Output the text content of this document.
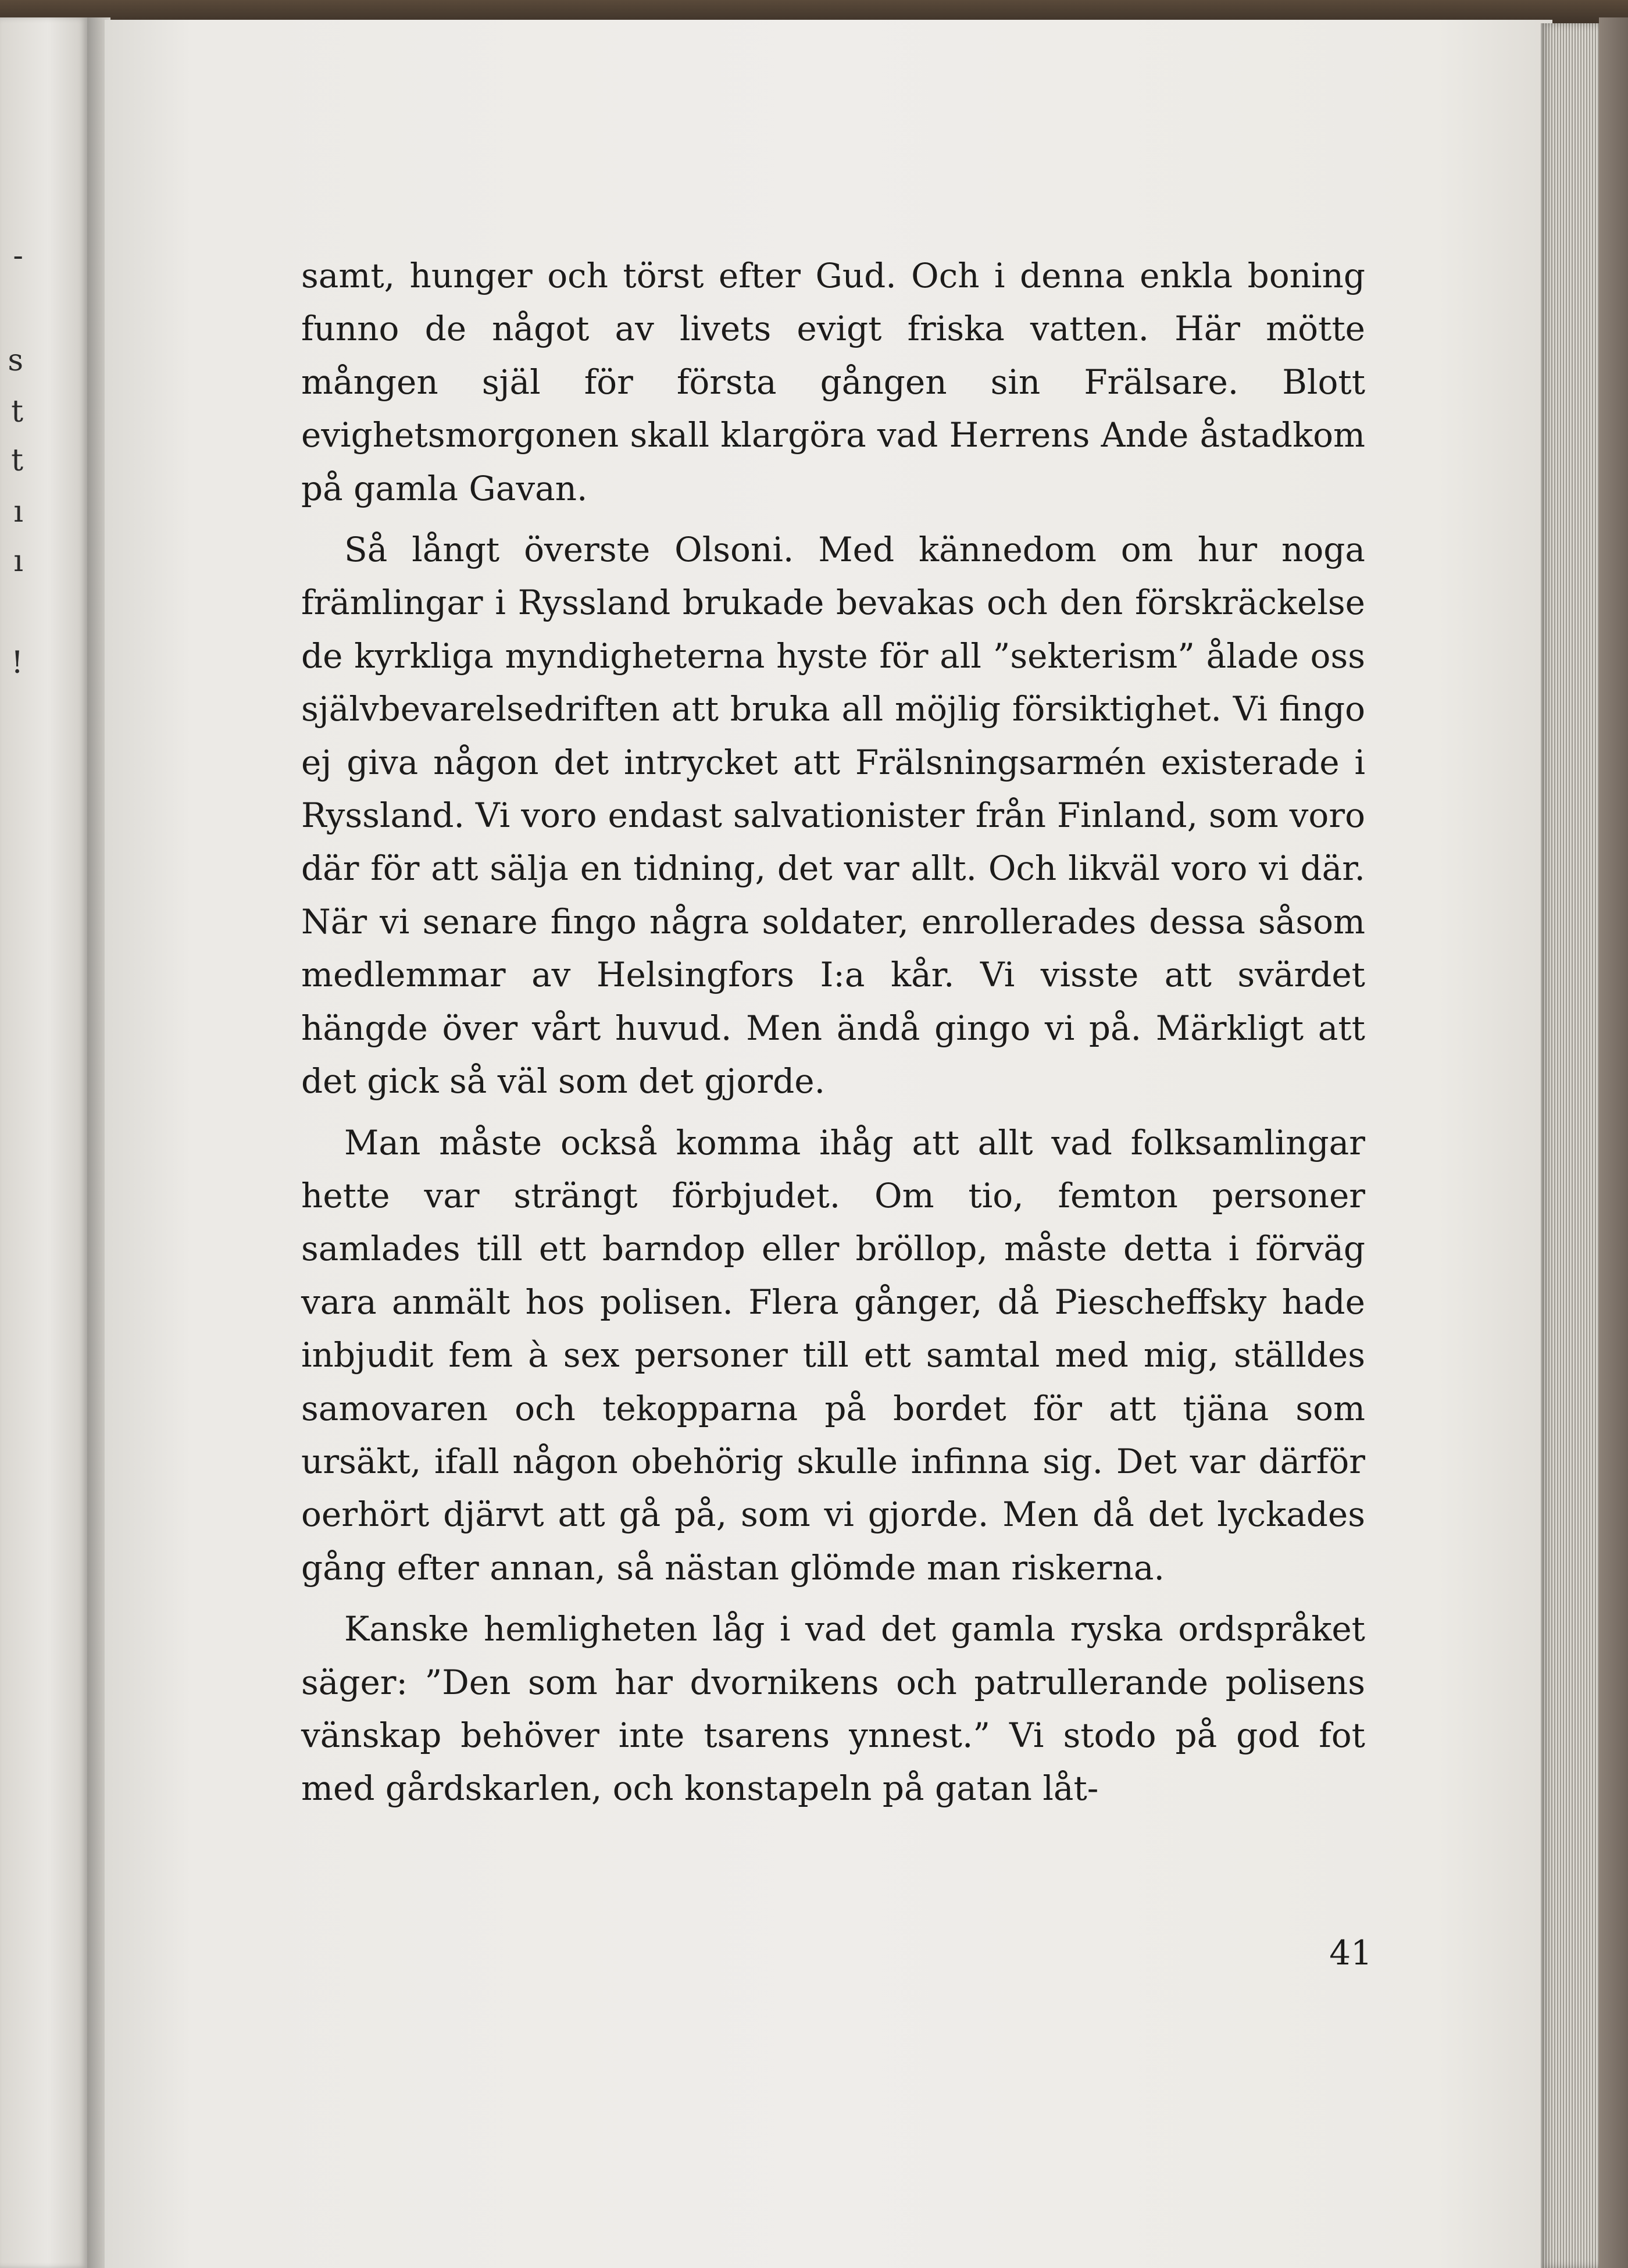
-
s
t
t
ı
ı
!

samt, hunger och törst efter Gud. Och i denna enkla boning funno de något av livets evigt friska vatten. Här mötte mången själ för första gången sin Frälsare. Blott evighetsmorgonen skall klargöra vad Herrens Ande åstadkom på gamla Gavan.

Så långt överste Olsoni. Med kännedom om hur noga främlingar i Ryssland brukade bevakas och den förskräckelse de kyrkliga myndigheterna hyste för all ”sekterism” ålade oss självbevarelsedriften att bruka all möjlig försiktighet. Vi fingo ej giva någon det intrycket att Frälsningsarmén existerade i Ryssland. Vi voro endast salvationister från Finland, som voro där för att sälja en tidning, det var allt. Och likväl voro vi där. När vi senare fingo några soldater, enrollerades dessa såsom medlemmar av Helsingfors I:a kår. Vi visste att svärdet hängde över vårt huvud. Men ändå gingo vi på. Märkligt att det gick så väl som det gjorde.

Man måste också komma ihåg att allt vad folksamlingar hette var strängt förbjudet. Om tio, femton personer samlades till ett barndop eller bröllop, måste detta i förväg vara anmält hos polisen. Flera gånger, då Piescheffsky hade inbjudit fem à sex personer till ett samtal med mig, ställdes samovaren och tekopparna på bordet för att tjäna som ursäkt, ifall någon obehörig skulle infinna sig. Det var därför oerhört djärvt att gå på, som vi gjorde. Men då det lyckades gång efter annan, så nästan glömde man riskerna.

Kanske hemligheten låg i vad det gamla ryska ordspråket säger: ”Den som har dvornikens och patrullerande polisens vänskap behöver inte tsarens ynnest.” Vi stodo på god fot med gårdskarlen, och konstapeln på gatan låt-

41
